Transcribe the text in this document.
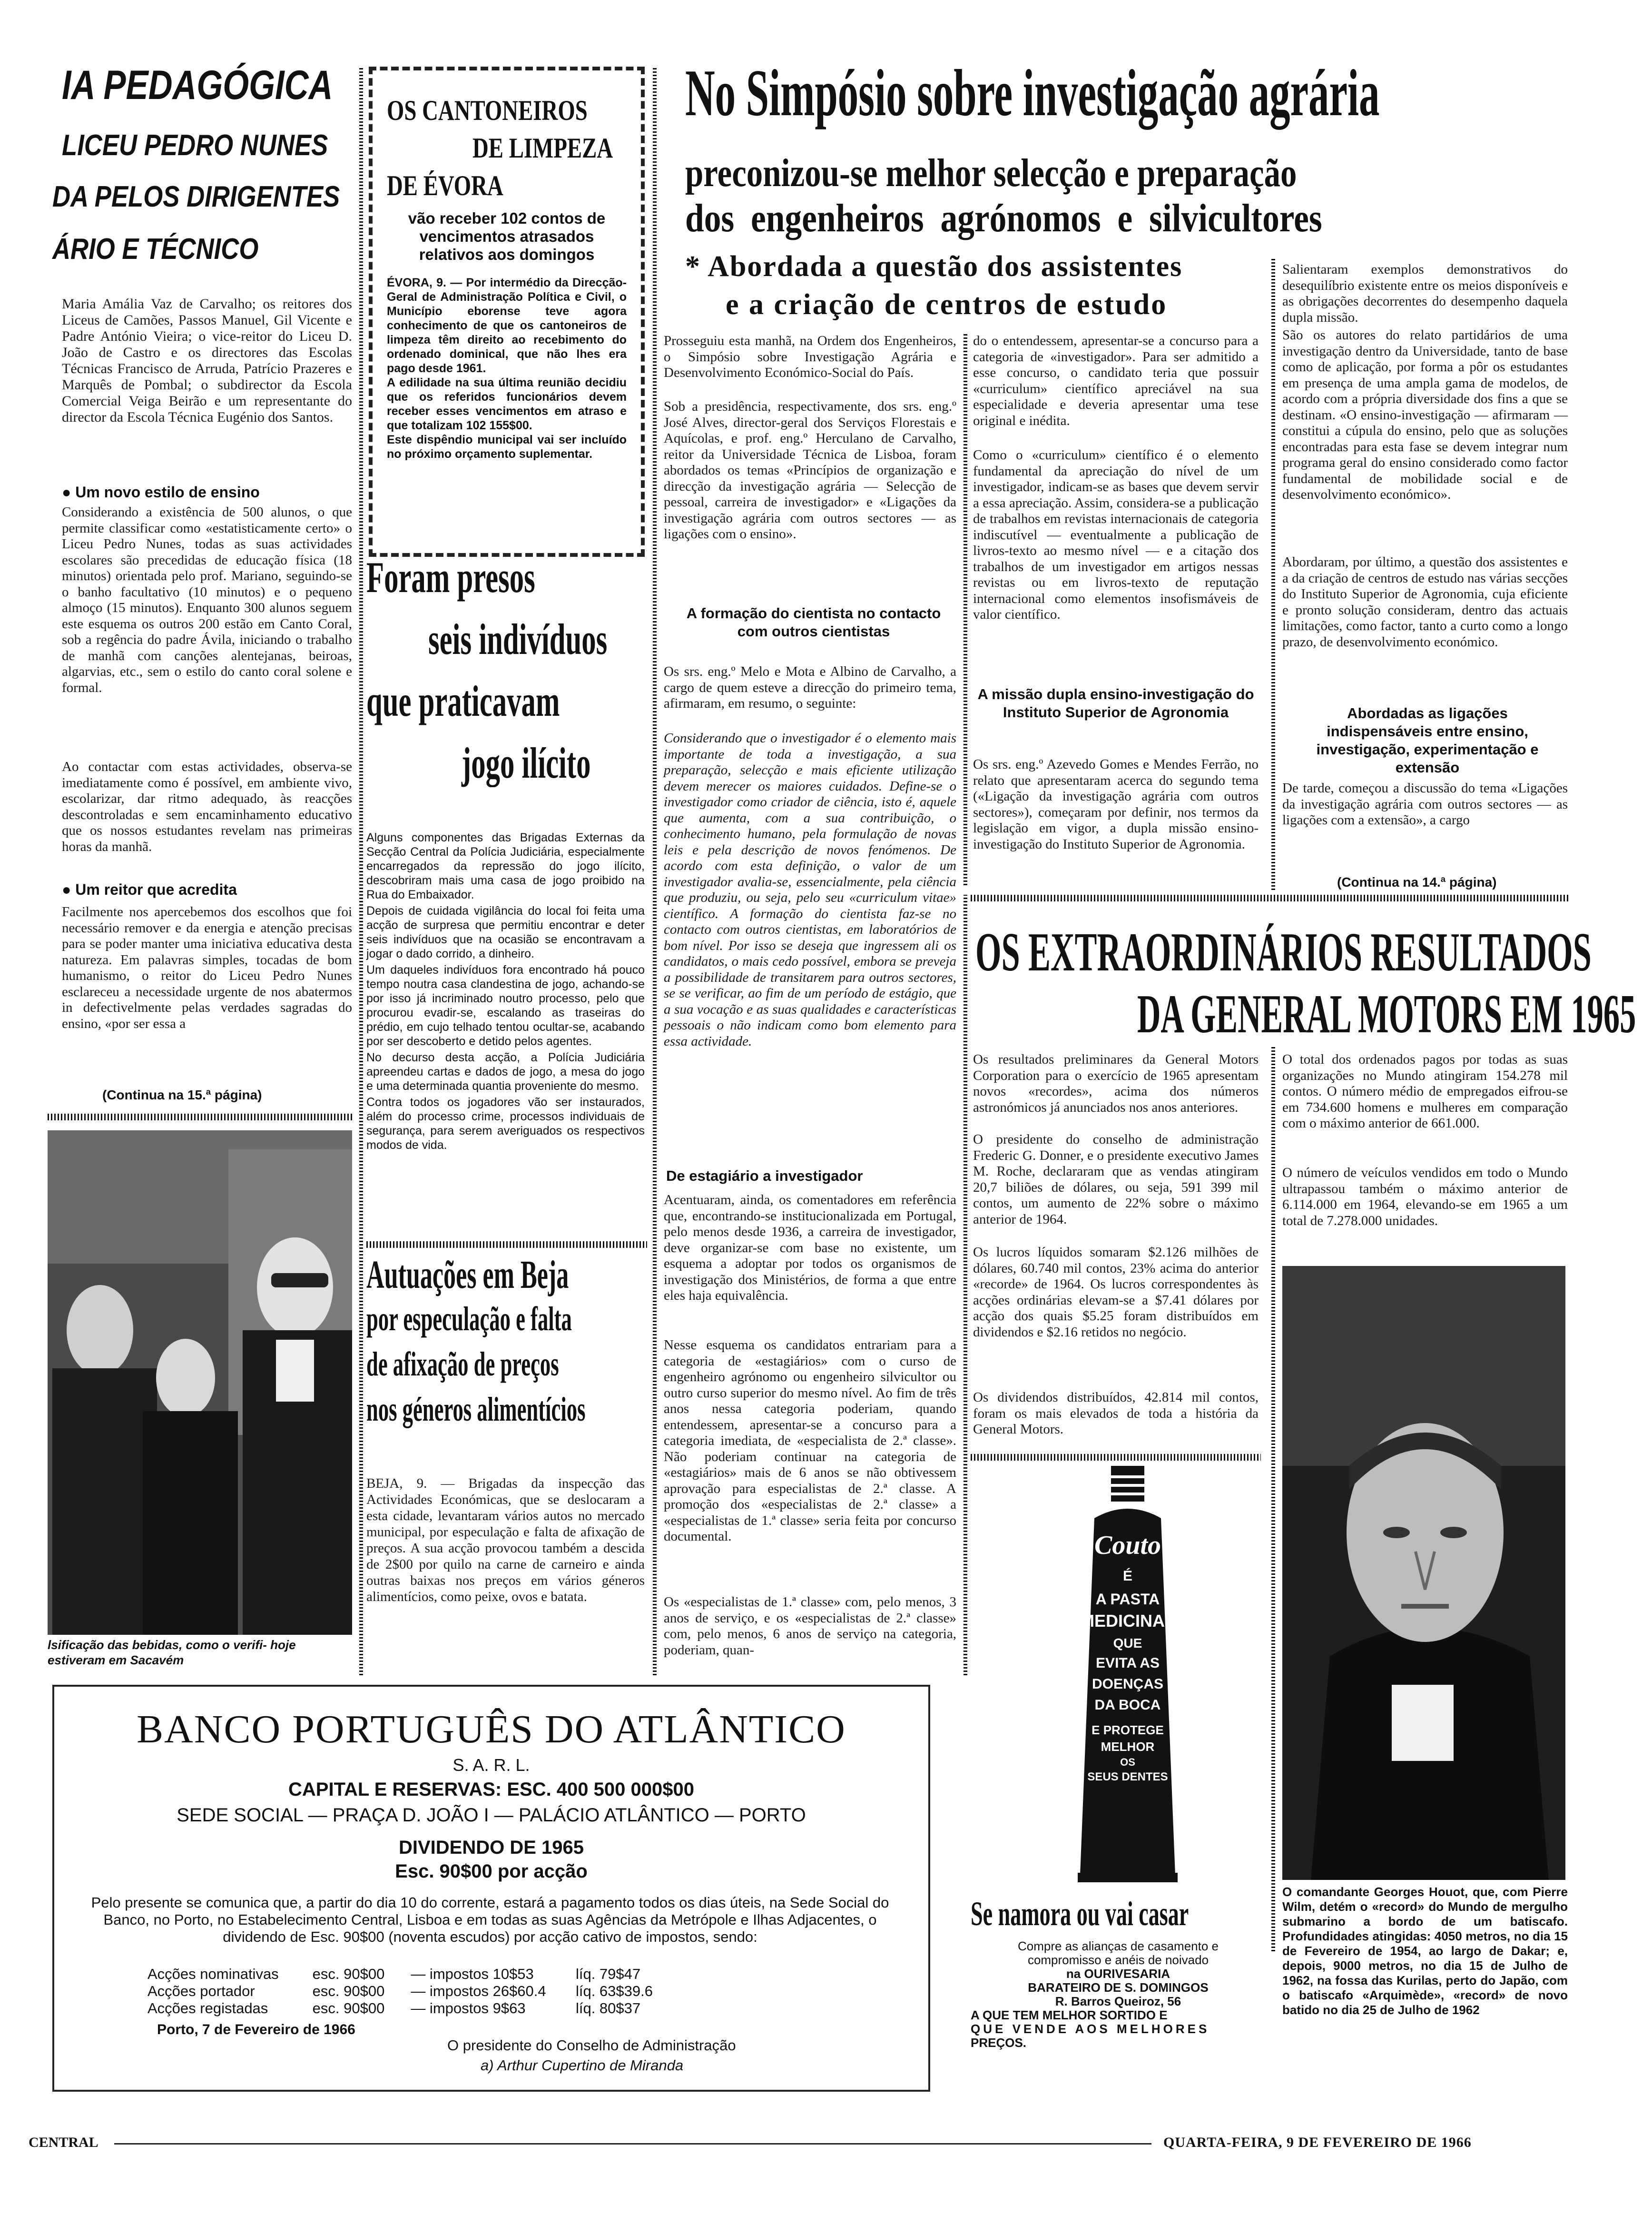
IA PEDAGÓGICA
LICEU PEDRO NUNES
DA PELOS DIRIGENTES
ÁRIO E TÉCNICO
Maria Amália Vaz de Carvalho; os reitores dos Liceus de Camões, Passos Manuel, Gil Vicente e Padre António Vieira; o vice-reitor do Liceu D. João de Castro e os directores das Escolas Técnicas Francisco de Arruda, Patrício Prazeres e Marquês de Pombal; o subdirector da Escola Comercial Veiga Beirão e um representante do director da Escola Técnica Eugénio dos Santos.
● Um novo estilo de ensino
Considerando a existência de 500 alunos, o que permite classificar como «estatisticamente certo» o Liceu Pedro Nunes, todas as suas actividades escolares são precedidas de educação física (18 minutos) orientada pelo prof. Mariano, seguindo-se o banho facultativo (10 minutos) e o pequeno almoço (15 minutos). Enquanto 300 alunos seguem este esquema os outros 200 estão em Canto Coral, sob a regência do padre Ávila, iniciando o trabalho de manhã com canções alentejanas, beiroas, algarvias, etc., sem o estilo do canto coral solene e formal.
Ao contactar com estas actividades, observa-se imediatamente como é possível, em ambiente vivo, escolarizar, dar ritmo adequado, às reacções descontroladas e sem encaminhamento educativo que os nossos estudantes revelam nas primeiras horas da manhã.
● Um reitor que acredita
Facilmente nos apercebemos dos escolhos que foi necessário remover e da energia e atenção precisas para se poder manter uma iniciativa educativa desta natureza. Em palavras simples, tocadas de bom humanismo, o reitor do Liceu Pedro Nunes esclareceu a necessidade urgente de nos abatermos in defectivelmente pelas verdades sagradas do ensino, «por ser essa a
(Continua na 15.ª página)
lsificação das bebidas, como o verifi- hoje estiveram em Sacavém
OS CANTONEIROS
DE LIMPEZA
DE ÉVORA
vão receber 102 contos de vencimentos atrasados relativos aos domingos
ÉVORA, 9. — Por intermédio da Direcção-Geral de Administração Política e Civil, o Município eborense teve agora conhecimento de que os cantoneiros de limpeza têm direito ao recebimento do ordenado dominical, que não lhes era pago desde 1961.
A edilidade na sua última reunião decidiu que os referidos funcionários devem receber esses vencimentos em atraso e que totalizam 102 155$00.
Este dispêndio municipal vai ser incluído no próximo orçamento suplementar.
Foram presos
seis indivíduos
que praticavam
jogo ilícito
Alguns componentes das Brigadas Externas da Secção Central da Polícia Judiciária, especialmente encarregados da repressão do jogo ilícito, descobriram mais uma casa de jogo proibido na Rua do Embaixador.
Depois de cuidada vigilância do local foi feita uma acção de surpresa que permitiu encontrar e deter seis indivíduos que na ocasião se encontravam a jogar o dado corrido, a dinheiro.
Um daqueles indivíduos fora encontrado há pouco tempo noutra casa clandestina de jogo, achando-se por isso já incriminado noutro processo, pelo que procurou evadir-se, escalando as traseiras do prédio, em cujo telhado tentou ocultar-se, acabando por ser descoberto e detido pelos agentes.
No decurso desta acção, a Polícia Judiciária apreendeu cartas e dados de jogo, a mesa do jogo e uma determinada quantia proveniente do mesmo.
Contra todos os jogadores vão ser instaurados, além do processo crime, processos individuais de segurança, para serem averiguados os respectivos modos de vida.
Autuações em Beja
por especulação e falta
de afixação de preços
nos géneros alimentícios
BEJA, 9. — Brigadas da inspecção das Actividades Económicas, que se deslocaram a esta cidade, levantaram vários autos no mercado municipal, por especulação e falta de afixação de preços. A sua acção provocou também a descida de 2$00 por quilo na carne de carneiro e ainda outras baixas nos preços em vários géneros alimentícios, como peixe, ovos e batata.
No Simpósio sobre investigação agrária
preconizou-se melhor selecção e preparação
dos engenheiros agrónomos e silvicultores
* Abordada a questão dos assistentes
e a criação de centros de estudo
Prosseguiu esta manhã, na Ordem dos Engenheiros, o Simpósio sobre Investigação Agrária e Desenvolvimento Económico-Social do País.
Sob a presidência, respectivamente, dos srs. eng.º José Alves, director-geral dos Serviços Florestais e Aquícolas, e prof. eng.º Herculano de Carvalho, reitor da Universidade Técnica de Lisboa, foram abordados os temas «Princípios de organização e direcção da investigação agrária — Selecção de pessoal, carreira de investigador» e «Ligações da investigação agrária com outros sectores — as ligações com o ensino».
A formação do cientista no contacto com outros cientistas
Os srs. eng.º Melo e Mota e Albino de Carvalho, a cargo de quem esteve a direcção do primeiro tema, afirmaram, em resumo, o seguinte:
Considerando que o investigador é o elemento mais importante de toda a investigação, a sua preparação, selecção e mais eficiente utilização devem merecer os maiores cuidados. Define-se o investigador como criador de ciência, isto é, aquele que aumenta, com a sua contribuição, o conhecimento humano, pela formulação de novas leis e pela descrição de novos fenómenos. De acordo com esta definição, o valor de um investigador avalia-se, essencialmente, pela ciência que produziu, ou seja, pelo seu «curriculum vitae» científico. A formação do cientista faz-se no contacto com outros cientistas, em laboratórios de bom nível. Por isso se deseja que ingressem ali os candidatos, o mais cedo possível, embora se preveja a possibilidade de transitarem para outros sectores, se se verificar, ao fim de um período de estágio, que a sua vocação e as suas qualidades e características pessoais o não indicam como bom elemento para essa actividade.
De estagiário a investigador
Acentuaram, ainda, os comentadores em referência que, encontrando-se institucionalizada em Portugal, pelo menos desde 1936, a carreira de investigador, deve organizar-se com base no existente, um esquema a adoptar por todos os organismos de investigação dos Ministérios, de forma a que entre eles haja equivalência.
Nesse esquema os candidatos entrariam para a categoria de «estagiários» com o curso de engenheiro agrónomo ou engenheiro silvicultor ou outro curso superior do mesmo nível. Ao fim de três anos nessa categoria poderiam, quando entendessem, apresentar-se a concurso para a categoria imediata, de «especialista de 2.ª classe». Não poderiam continuar na categoria de «estagiários» mais de 6 anos se não obtivessem aprovação para especialistas de 2.ª classe. A promoção dos «especialistas de 2.ª classe» a «especialistas de 1.ª classe» seria feita por concurso documental.
Os «especialistas de 1.ª classe» com, pelo menos, 3 anos de serviço, e os «especialistas de 2.ª classe» com, pelo menos, 6 anos de serviço na categoria, poderiam, quan-
do o entendessem, apresentar-se a concurso para a categoria de «investigador». Para ser admitido a esse concurso, o candidato teria que possuir «curriculum» científico apreciável na sua especialidade e deveria apresentar uma tese original e inédita.
Como o «curriculum» científico é o elemento fundamental da apreciação do nível de um investigador, indicam-se as bases que devem servir a essa apreciação. Assim, considera-se a publicação de trabalhos em revistas internacionais de categoria indiscutível — eventualmente a publicação de livros-texto ao mesmo nível — e a citação dos trabalhos de um investigador em artigos nessas revistas ou em livros-texto de reputação internacional como elementos insofismáveis de valor científico.
A missão dupla ensino-investigação do Instituto Superior de Agronomia
Os srs. eng.º Azevedo Gomes e Mendes Ferrão, no relato que apresentaram acerca do segundo tema («Ligação da investigação agrária com outros sectores»), começaram por definir, nos termos da legislação em vigor, a dupla missão ensino-investigação do Instituto Superior de Agronomia.
Salientaram exemplos demonstrativos do desequilíbrio existente entre os meios disponíveis e as obrigações decorrentes do desempenho daquela dupla missão.
São os autores do relato partidários de uma investigação dentro da Universidade, tanto de base como de aplicação, por forma a pôr os estudantes em presença de uma ampla gama de modelos, de acordo com a própria diversidade dos fins a que se destinam. «O ensino-investigação — afirmaram — constitui a cúpula do ensino, pelo que as soluções encontradas para esta fase se devem integrar num programa geral do ensino considerado como factor fundamental de mobilidade social e de desenvolvimento económico».
Abordaram, por último, a questão dos assistentes e a da criação de centros de estudo nas várias secções do Instituto Superior de Agronomia, cuja eficiente e pronto solução consideram, dentro das actuais limitações, como factor, tanto a curto como a longo prazo, de desenvolvimento económico.
Abordadas as ligações indispensáveis entre ensino, investigação, experimentação e extensão
De tarde, começou a discussão do tema «Ligações da investigação agrária com outros sectores — as ligações com a extensão», a cargo
(Continua na 14.ª página)
OS EXTRAORDINÁRIOS RESULTADOS
DA GENERAL MOTORS EM 1965
Os resultados preliminares da General Motors Corporation para o exercício de 1965 apresentam novos «recordes», acima dos números astronómicos já anunciados nos anos anteriores.
O presidente do conselho de administração Frederic G. Donner, e o presidente executivo James M. Roche, declararam que as vendas atingiram 20,7 biliões de dólares, ou seja, 591 399 mil contos, um aumento de 22% sobre o máximo anterior de 1964.
Os lucros líquidos somaram $2.126 milhões de dólares, 60.740 mil contos, 23% acima do anterior «recorde» de 1964. Os lucros correspondentes às acções ordinárias elevam-se a $7.41 dólares por acção dos quais $5.25 foram distribuídos em dividendos e $2.16 retidos no negócio.
Os dividendos distribuídos, 42.814 mil contos, foram os mais elevados de toda a história da General Motors.
O total dos ordenados pagos por todas as suas organizações no Mundo atingiram 154.278 mil contos. O número médio de empregados eifrou-se em 734.600 homens e mulheres em comparação com o máximo anterior de 661.000.
O número de veículos vendidos em todo o Mundo ultrapassou também o máximo anterior de 6.114.000 em 1964, elevando-se em 1965 a um total de 7.278.000 unidades.
O comandante Georges Houot, que, com Pierre Wilm, detém o «record» do Mundo de mergulho submarino a bordo de um batiscafo. Profundidades atingidas: 4050 metros, no dia 15 de Fevereiro de 1954, ao largo de Dakar; e, depois, 9000 metros, no dia 15 de Julho de 1962, na fossa das Kurilas, perto do Japão, com o batiscafo «Arquimède», «record» de novo batido no dia 25 de Julho de 1962
Couto
É
A PASTA
MEDICINAL
QUE
EVITA AS
DOENÇAS
DA BOCA
E PROTEGE
MELHOR
OS
SEUS DENTES
Se namora ou vai casar
Compre as alianças de casamento e
compromisso e anéis de noivado
na OURIVESARIA
BARATEIRO DE S. DOMINGOS
R. Barros Queiroz, 56
A QUE TEM MELHOR SORTIDO E
QUE VENDE AOS MELHORES
PREÇOS.
BANCO PORTUGUÊS DO ATLÂNTICO
S. A. R. L.
CAPITAL E RESERVAS: ESC. 400 500 000$00
SEDE SOCIAL — PRAÇA D. JOÃO I — PALÁCIO ATLÂNTICO — PORTO
DIVIDENDO DE 1965
Esc. 90$00 por acção
Pelo presente se comunica que, a partir do dia 10 do corrente, estará a pagamento todos os dias úteis, na Sede Social do Banco, no Porto, no Estabelecimento Central, Lisboa e em todas as suas Agências da Metrópole e Ilhas Adjacentes, o dividendo de Esc. 90$00 (noventa escudos) por acção cativo de impostos, sendo:
Acções nominativas	esc. 90$00	— impostos 10$53	líq. 79$47
Acções portador	esc. 90$00	— impostos 26$60.4	líq. 63$39.6
Acções registadas	esc. 90$00	— impostos 9$63	líq. 80$37
Porto, 7 de Fevereiro de 1966
O presidente do Conselho de Administração
a) Arthur Cupertino de Miranda
CENTRAL	QUARTA-FEIRA, 9 DE FEVEREIRO DE 1966
